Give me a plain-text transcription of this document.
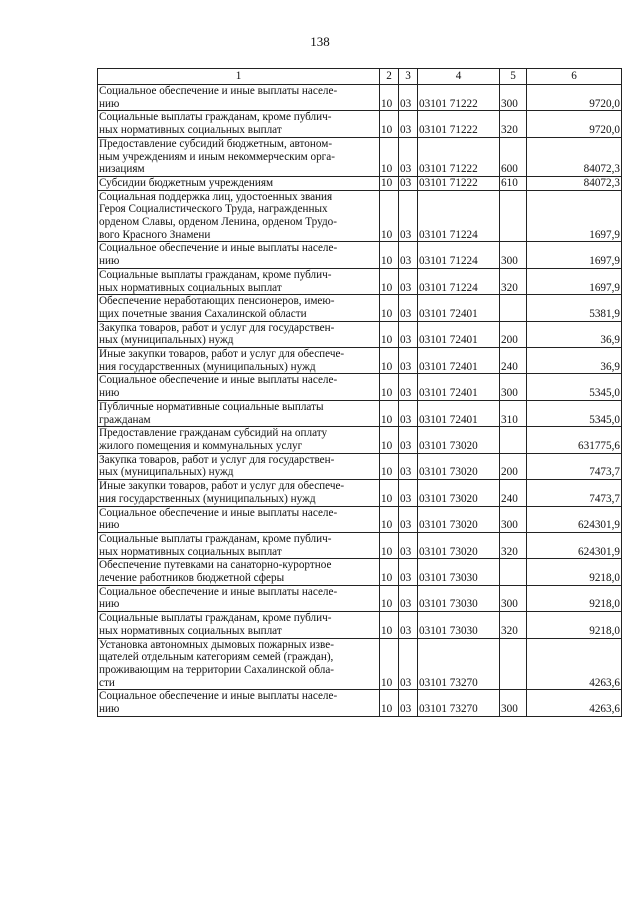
138
1	2	3	4	5	6

Социальное обеспечение и иные выплаты населе-
нию	10	03	03101 71222	300	9720,0

Социальные выплаты гражданам, кроме публич-
ных нормативных социальных выплат	10	03	03101 71222	320	9720,0

Предоставление субсидий бюджетным, автоном-
ным учреждениям и иным некоммерческим орга-
низациям	10	03	03101 71222	600	84072,3

Субсидии бюджетным учреждениям	10	03	03101 71222	610	84072,3

Социальная поддержка лиц, удостоенных звания
Героя Социалистического Труда, награжденных
орденом Славы, орденом Ленина, орденом Трудо-
вого Красного Знамени	10	03	03101 71224		1697,9

Социальное обеспечение и иные выплаты населе-
нию	10	03	03101 71224	300	1697,9

Социальные выплаты гражданам, кроме публич-
ных нормативных социальных выплат	10	03	03101 71224	320	1697,9

Обеспечение неработающих пенсионеров, имею-
щих почетные звания Сахалинской области	10	03	03101 72401		5381,9

Закупка товаров, работ и услуг для государствен-
ных (муниципальных) нужд	10	03	03101 72401	200	36,9

Иные закупки товаров, работ и услуг для обеспече-
ния государственных (муниципальных) нужд	10	03	03101 72401	240	36,9

Социальное обеспечение и иные выплаты населе-
нию	10	03	03101 72401	300	5345,0

Публичные нормативные социальные выплаты
гражданам	10	03	03101 72401	310	5345,0

Предоставление гражданам субсидий на оплату
жилого помещения и коммунальных услуг	10	03	03101 73020		631775,6

Закупка товаров, работ и услуг для государствен-
ных (муниципальных) нужд	10	03	03101 73020	200	7473,7

Иные закупки товаров, работ и услуг для обеспече-
ния государственных (муниципальных) нужд	10	03	03101 73020	240	7473,7

Социальное обеспечение и иные выплаты населе-
нию	10	03	03101 73020	300	624301,9

Социальные выплаты гражданам, кроме публич-
ных нормативных социальных выплат	10	03	03101 73020	320	624301,9

Обеспечение путевками на санаторно-курортное
лечение работников бюджетной сферы	10	03	03101 73030		9218,0

Социальное обеспечение и иные выплаты населе-
нию	10	03	03101 73030	300	9218,0

Социальные выплаты гражданам, кроме публич-
ных нормативных социальных выплат	10	03	03101 73030	320	9218,0

Установка автономных дымовых пожарных изве-
щателей отдельным категориям семей (граждан),
проживающим на территории Сахалинской обла-
сти	10	03	03101 73270		4263,6

Социальное обеспечение и иные выплаты населе-
нию	10	03	03101 73270	300	4263,6
